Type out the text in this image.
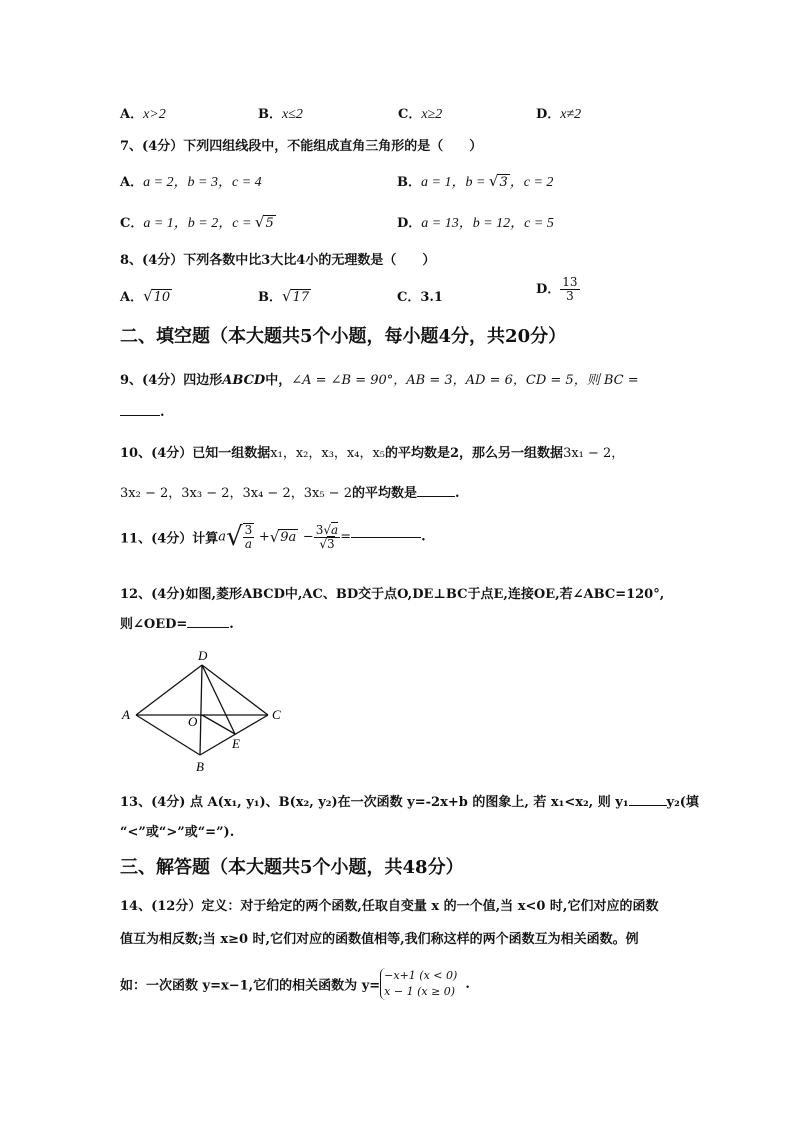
A．x>2	B．x≤2	C．x≥2	D．x≠2
7、(4分）下列四组线段中，不能组成直角三角形的是（　　）
A．a = 2，b = 3，c = 4	B．a = 1，b = √3 ，c = 2
C．a = 1，b = 2，c = √5	D．a = 13，b = 12，c = 5
8、(4分）下列各数中比3大比4小的无理数是（　　）
A．√10	B．√17	C．3.1
D． $\frac{13}{3}$
二、填空题（本大题共5个小题，每小题4分，共20分）
9、(4分）四边形ABCD中，∠A = ∠B = 90°，AB = 3，AD = 6，CD = 5，则 BC =
.
10、(4分）已知一组数据x₁，x₂，x₃，x₄，x₅的平均数是2，那么另一组数据3x₁ − 2，
3x₂ − 2，3x₃ − 2，3x₄ − 2，3x₅ − 2的平均数是	.
11、(4分）计算$a√ \frac{3}{a} +√9a - \frac{3√a}{√3}$ =	.
12、(4分)如图,菱形ABCD中,AC、BD交于点O,DE⊥BC于点E,连接OE,若∠ABC=120°,
则∠OED=	.
A
B
C
D
O
E
13、(4分) 点 A(x₁, y₁)、B(x₂, y₂)在一次函数 y=-2x+b 的图象上, 若 x₁<x₂, 则 y₁	y₂(填
“<”或“>”或“=”).
三、解答题（本大题共5个小题，共48分）
14、(12分）定义：对于给定的两个函数,任取自变量 x 的一个值,当 x<0 时,它们对应的函数
值互为相反数;当 x≥0 时,它们对应的函数值相等,我们称这样的两个函数互为相关函数。例
如：一次函数 y=x−1,它们的相关函数为 y=
−x+1 (x < 0)
x − 1 (x ≥ 0) .
